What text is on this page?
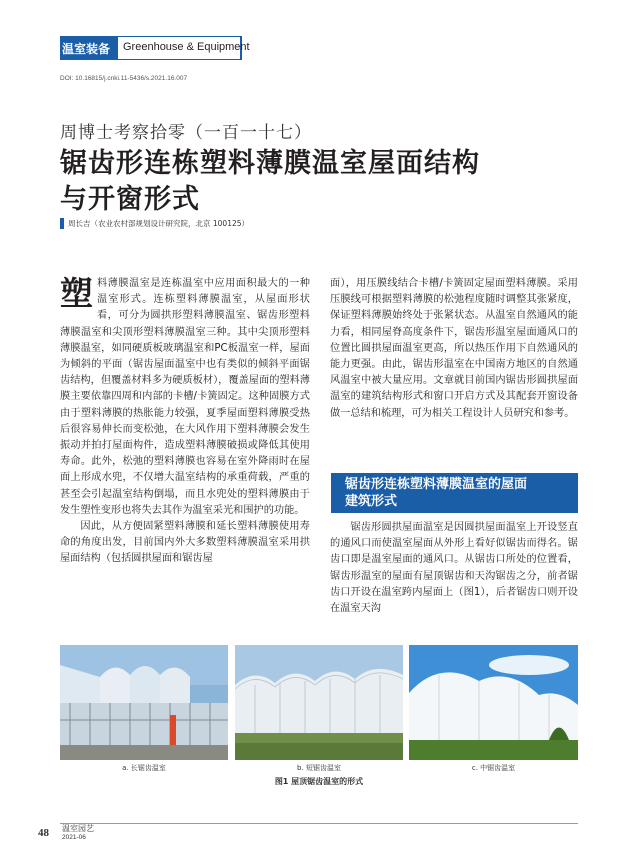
温室装备 Greenhouse & Equipment
DOI: 10.16815/j.cnki.11-5436/s.2021.16.007
周博士考察拾零（一百一十七）
锯齿形连栋塑料薄膜温室屋面结构
与开窗形式
周长吉（农业农村部规划设计研究院，北京 100125）

塑料薄膜温室是连栋温室中应用面积最大的一种温室形式。连栋塑料薄膜温室，从屋面形状看，可分为圆拱形塑料薄膜温室、锯齿形塑料薄膜温室和尖顶形塑料薄膜温室三种。其中尖顶形塑料薄膜温室，如同硬质板玻璃温室和PC板温室一样，屋面为倾斜的平面（锯齿屋面温室中也有类似的倾斜平面锯齿结构，但覆盖材料多为硬质板材），覆盖屋面的塑料薄膜主要依靠四周和内部的卡槽/卡簧固定。这种固膜方式由于塑料薄膜的热胀能力较强，夏季屋面塑料薄膜受热后很容易伸长而变松弛，在大风作用下塑料薄膜会发生振动并拍打屋面构件，造成塑料薄膜破损或降低其使用寿命。此外，松弛的塑料薄膜也容易在室外降雨时在屋面上形成水兜，不仅增大温室结构的承重荷载，严重的甚至会引起温室结构倒塌，而且水兜处的塑料薄膜由于发生塑性变形也将失去其作为温室采光和围护的功能。

因此，从方便固紧塑料薄膜和延长塑料薄膜使用寿命的角度出发，目前国内外大多数塑料薄膜温室采用拱屋面结构（包括圆拱屋面和锯齿屋

面），用压膜线结合卡槽/卡簧固定屋面塑料薄膜。采用压膜线可根据塑料薄膜的松弛程度随时调整其张紧度，保证塑料薄膜始终处于张紧状态。从温室自然通风的能力看，相同屋脊高度条件下，锯齿形温室屋面通风口的位置比圆拱屋面温室更高，所以热压作用下自然通风的能力更强。由此，锯齿形温室在中国南方地区的自然通风温室中被大量应用。文章就目前国内锯齿形圆拱屋面温室的建筑结构形式和窗口开启方式及其配套开窗设备做一总结和梳理，可为相关工程设计人员研究和参考。

锯齿形连栋塑料薄膜温室的屋面
建筑形式

锯齿形圆拱屋面温室是因圆拱屋面温室上开设竖直的通风口而使温室屋面从外形上看好似锯齿而得名。锯齿口即是温室屋面的通风口。从锯齿口所处的位置看，锯齿形温室的屋面有屋顶锯齿和天沟锯齿之分，前者锯齿口开设在温室跨内屋面上（图1），后者锯齿口则开设在温室天沟

a. 长锯齿温室	b. 短锯齿温室	c. 中锯齿温室
图1 屋顶锯齿温室的形式
48 温室园艺
2021-06
